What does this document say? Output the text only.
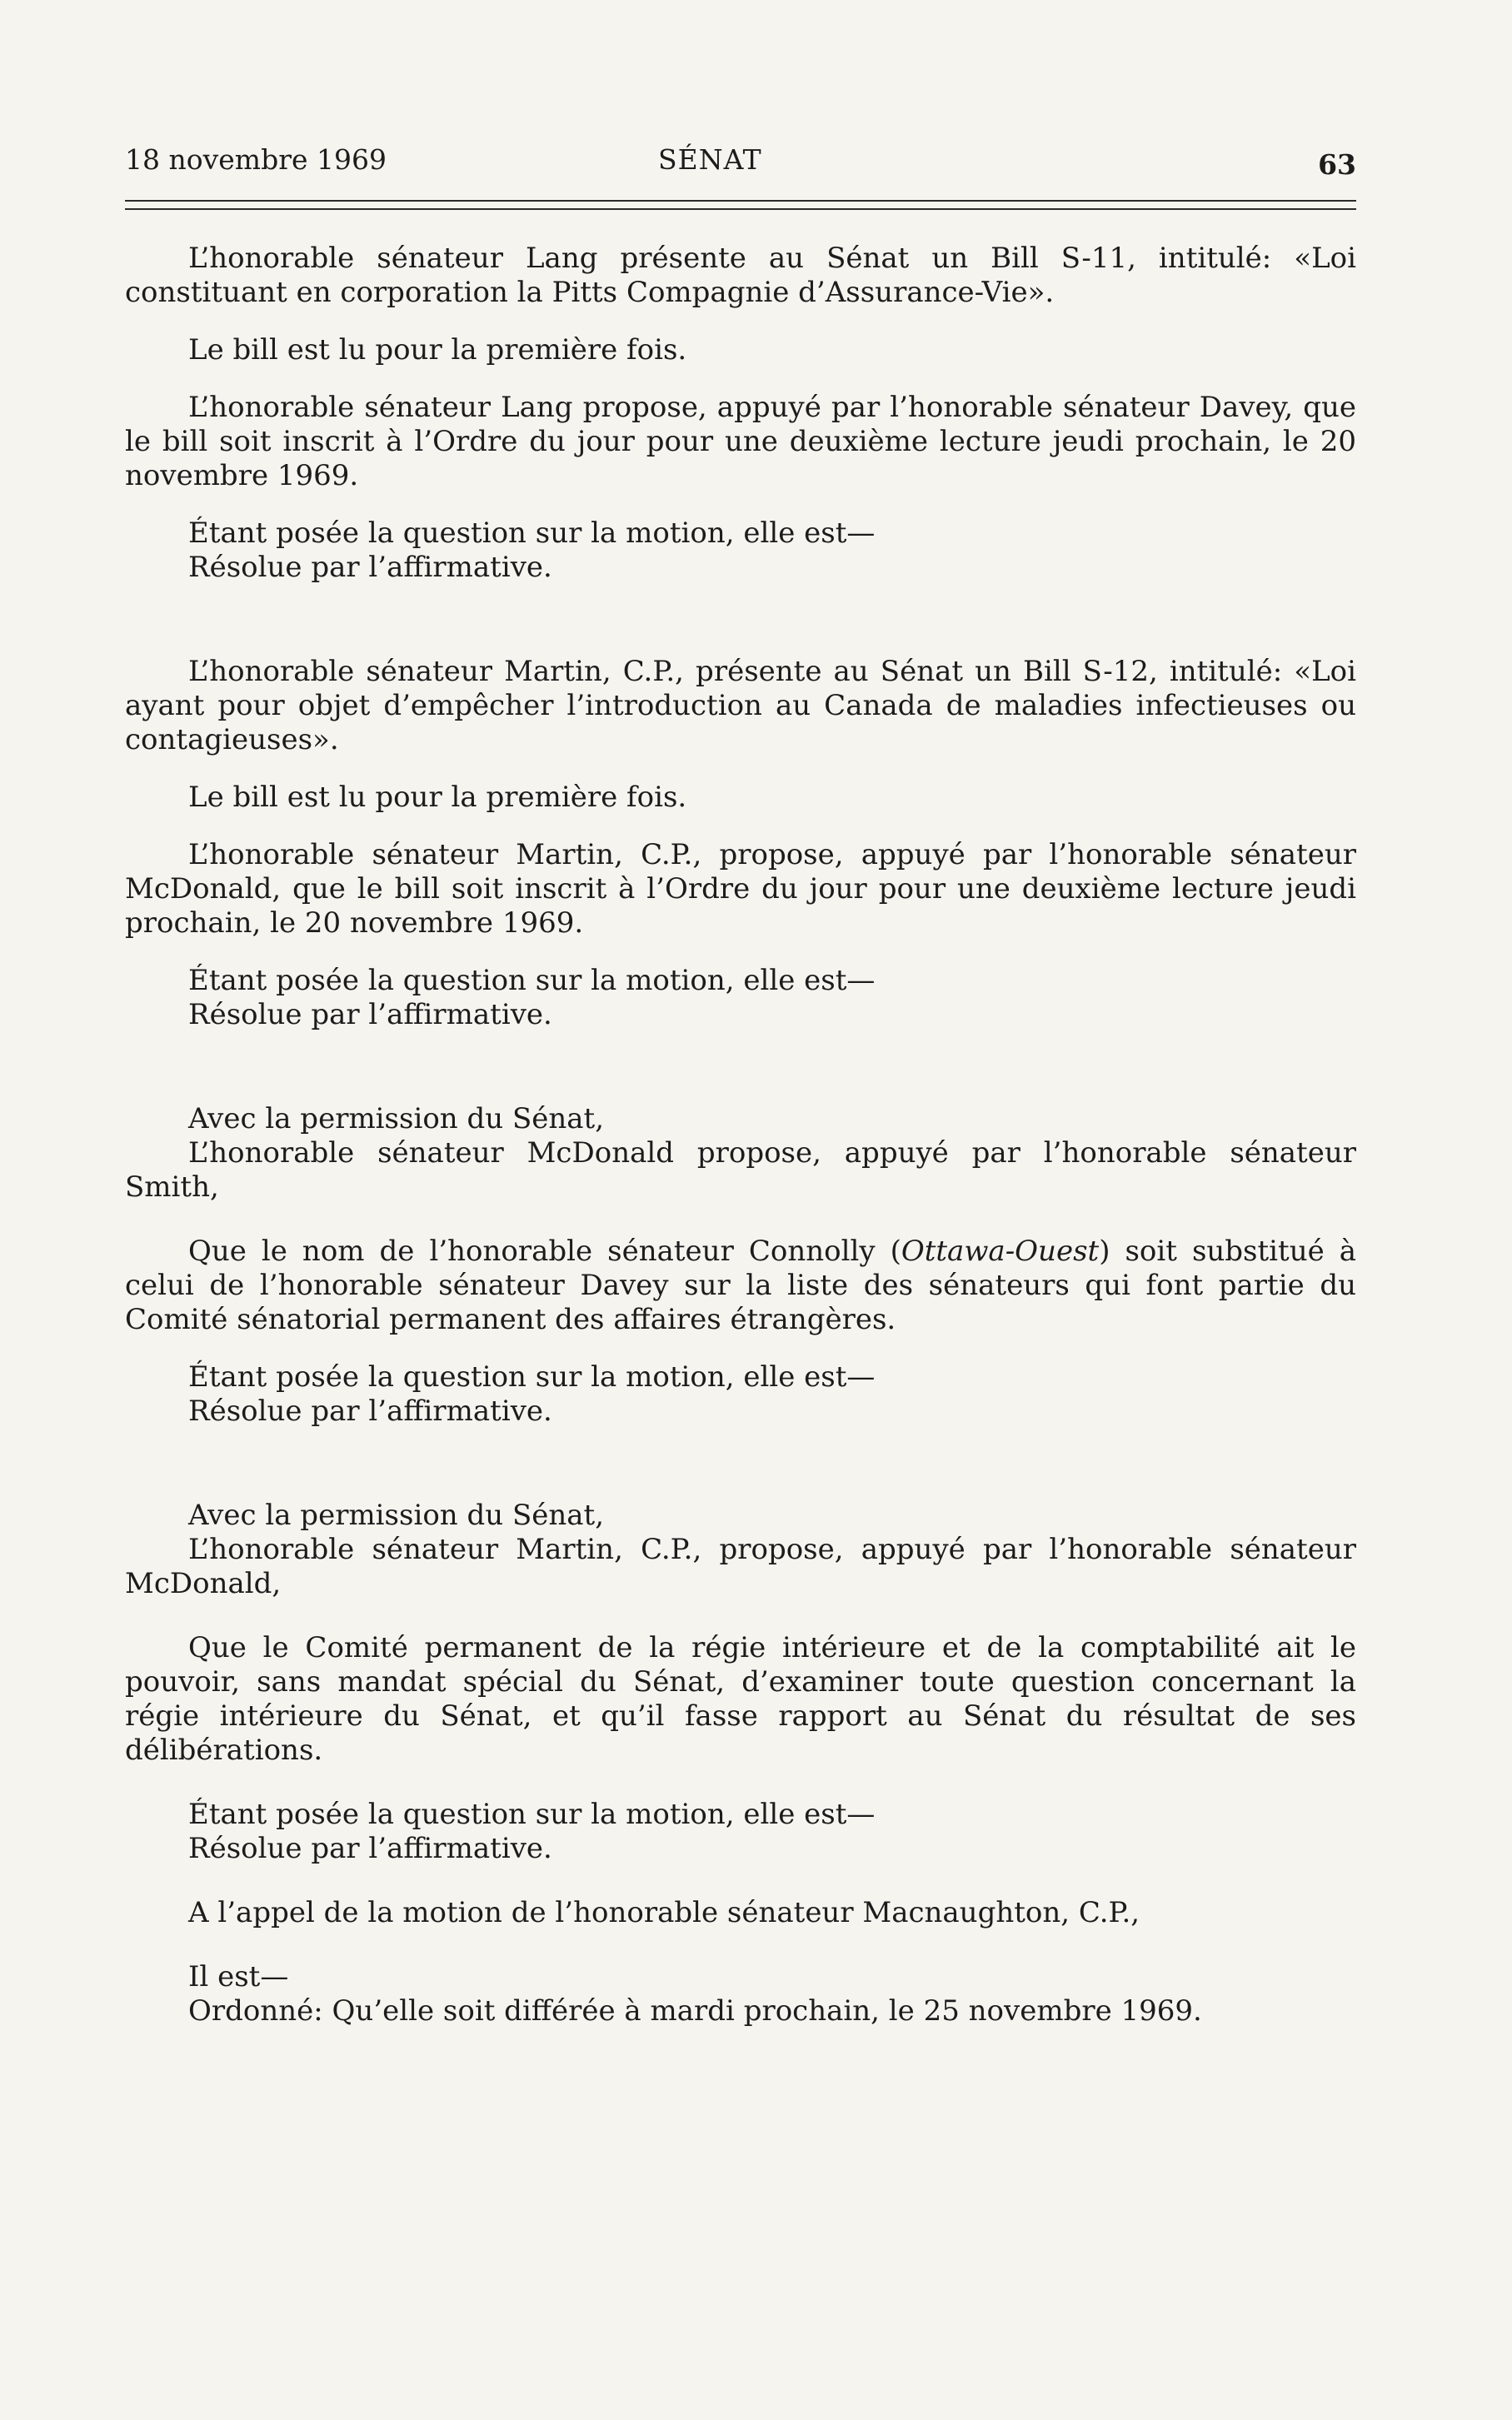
18 novembre 1969	SÉNAT	63

L’honorable sénateur Lang présente au Sénat un Bill S-11, intitulé: «Loi constituant en corporation la Pitts Compagnie d’Assurance-Vie».

Le bill est lu pour la première fois.

L’honorable sénateur Lang propose, appuyé par l’honorable sénateur Davey, que le bill soit inscrit à l’Ordre du jour pour une deuxième lecture jeudi prochain, le 20 novembre 1969.

Étant posée la question sur la motion, elle est—
Résolue par l’affirmative.

L’honorable sénateur Martin, C.P., présente au Sénat un Bill S-12, intitulé: «Loi ayant pour objet d’empêcher l’introduction au Canada de maladies infectieuses ou contagieuses».

Le bill est lu pour la première fois.

L’honorable sénateur Martin, C.P., propose, appuyé par l’honorable sénateur McDonald, que le bill soit inscrit à l’Ordre du jour pour une deuxième lecture jeudi prochain, le 20 novembre 1969.

Étant posée la question sur la motion, elle est—
Résolue par l’affirmative.
Avec la permission du Sénat,

L’honorable sénateur McDonald propose, appuyé par l’honorable sénateur Smith,

Que le nom de l’honorable sénateur Connolly (Ottawa-Ouest) soit substitué à celui de l’honorable sénateur Davey sur la liste des sénateurs qui font partie du Comité sénatorial permanent des affaires étrangères.

Étant posée la question sur la motion, elle est—
Résolue par l’affirmative.
Avec la permission du Sénat,

L’honorable sénateur Martin, C.P., propose, appuyé par l’honorable sénateur McDonald,

Que le Comité permanent de la régie intérieure et de la comptabilité ait le pouvoir, sans mandat spécial du Sénat, d’examiner toute question concernant la régie intérieure du Sénat, et qu’il fasse rapport au Sénat du résultat de ses délibérations.

Étant posée la question sur la motion, elle est—
Résolue par l’affirmative.

A l’appel de la motion de l’honorable sénateur Macnaughton, C.P.,

Il est—
Ordonné: Qu’elle soit différée à mardi prochain, le 25 novembre 1969.
